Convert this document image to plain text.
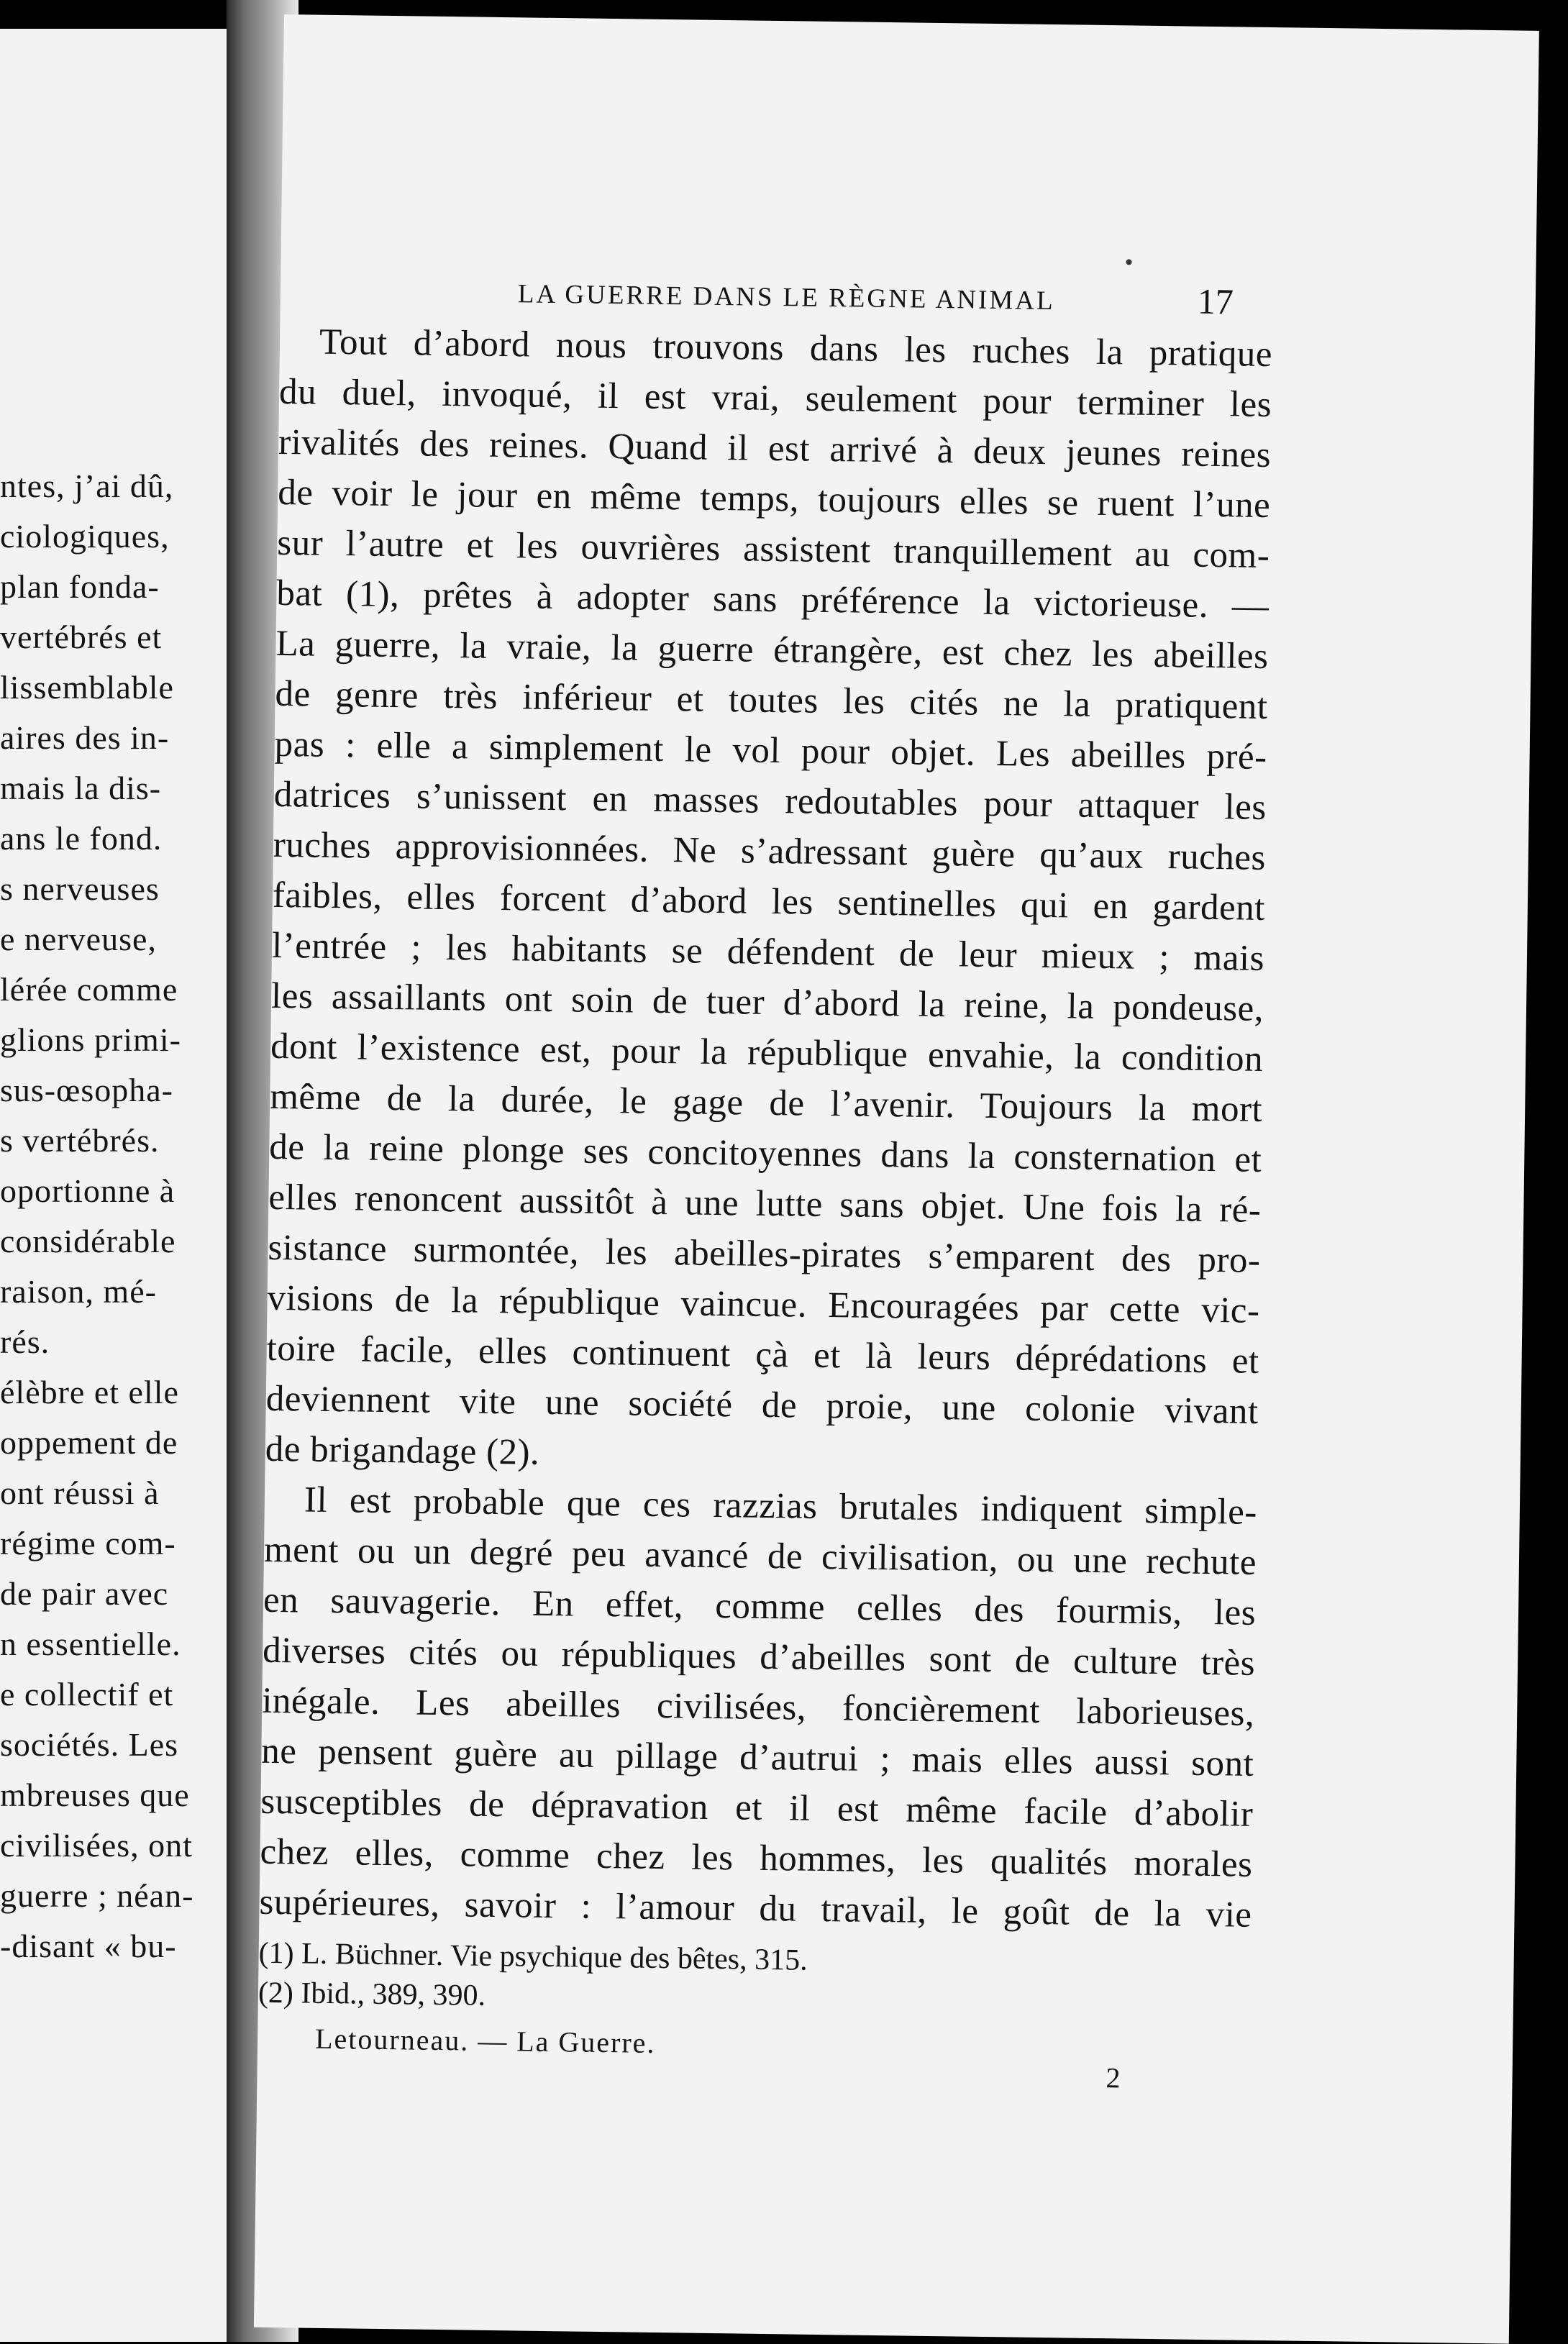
ntes, j’ai dû,
ciologiques,
plan fonda-
vertébrés et
lissemblable
aires des in-
mais la dis-
ans le fond.
s nerveuses
e nerveuse,
lérée comme
glions primi-
sus-œsopha-
s vertébrés.
oportionne à
considérable
raison, mé-
rés.
élèbre et elle
oppement de
ont réussi à
régime com-
de pair avec
n essentielle.
e collectif et
sociétés. Les
mbreuses que
civilisées, ont
guerre ; néan-
-disant « bu-
LA GUERRE DANS LE RÈGNE ANIMAL	17
Tout d’abord nous trouvons dans les ruches la pratique
du duel, invoqué, il est vrai, seulement pour terminer les
rivalités des reines. Quand il est arrivé à deux jeunes reines
de voir le jour en même temps, toujours elles se ruent l’une
sur l’autre et les ouvrières assistent tranquillement au com-
bat (1), prêtes à adopter sans préférence la victorieuse. —
La guerre, la vraie, la guerre étrangère, est chez les abeilles
de genre très inférieur et toutes les cités ne la pratiquent
pas : elle a simplement le vol pour objet. Les abeilles pré-
datrices s’unissent en masses redoutables pour attaquer les
ruches approvisionnées. Ne s’adressant guère qu’aux ruches
faibles, elles forcent d’abord les sentinelles qui en gardent
l’entrée ; les habitants se défendent de leur mieux ; mais
les assaillants ont soin de tuer d’abord la reine, la pondeuse,
dont l’existence est, pour la république envahie, la condition
même de la durée, le gage de l’avenir. Toujours la mort
de la reine plonge ses concitoyennes dans la consternation et
elles renoncent aussitôt à une lutte sans objet. Une fois la ré-
sistance surmontée, les abeilles-pirates s’emparent des pro-
visions de la république vaincue. Encouragées par cette vic-
toire facile, elles continuent çà et là leurs déprédations et
deviennent vite une société de proie, une colonie vivant
de brigandage (2).
Il est probable que ces razzias brutales indiquent simple-
ment ou un degré peu avancé de civilisation, ou une rechute
en sauvagerie. En effet, comme celles des fourmis, les
diverses cités ou républiques d’abeilles sont de culture très
inégale. Les abeilles civilisées, foncièrement laborieuses,
ne pensent guère au pillage d’autrui ; mais elles aussi sont
susceptibles de dépravation et il est même facile d’abolir
chez elles, comme chez les hommes, les qualités morales
supérieures, savoir : l’amour du travail, le goût de la vie
(1) L. Büchner. Vie psychique des bêtes, 315.
(2) Ibid., 389, 390.
Letourneau. — La Guerre.
2
